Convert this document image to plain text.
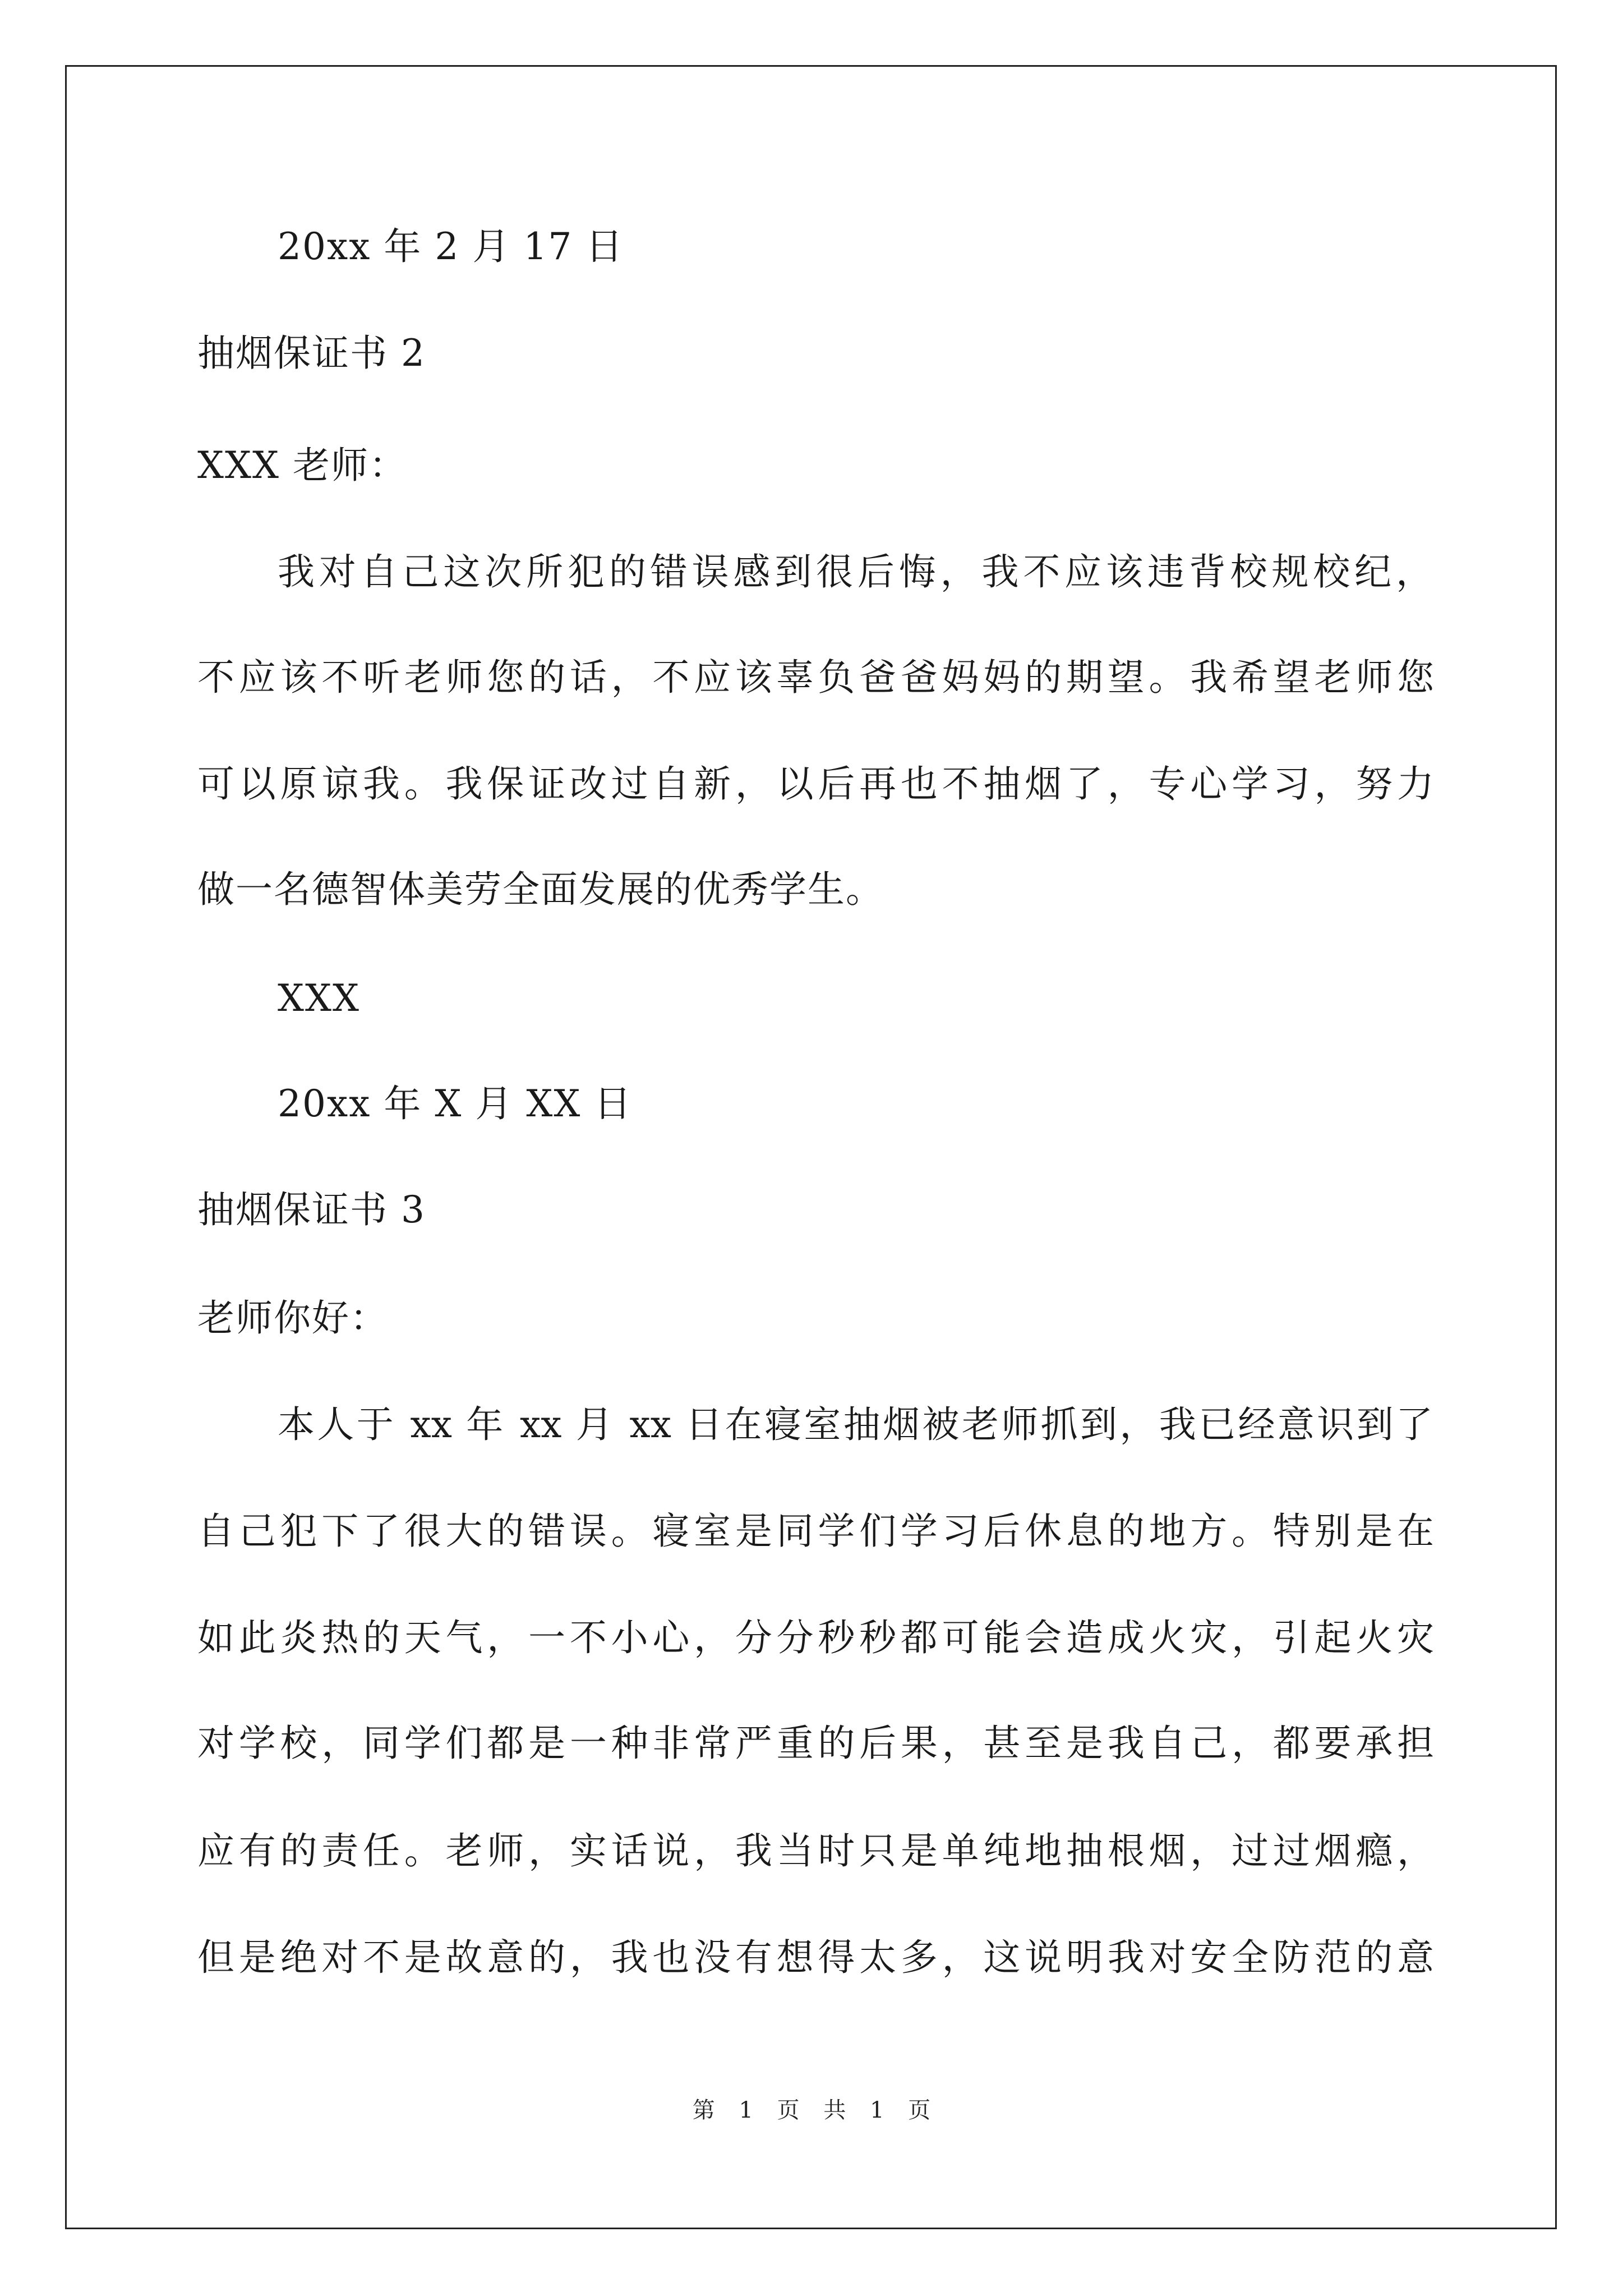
20xx 年 2 月 17 日
抽烟保证书 2
XXX 老师：
我对自己这次所犯的错误感到很后悔，我不应该违背校规校纪，
不应该不听老师您的话，不应该辜负爸爸妈妈的期望。我希望老师您
可以原谅我。我保证改过自新，以后再也不抽烟了，专心学习，努力
做一名德智体美劳全面发展的优秀学生。
XXX
20xx 年 X 月 XX 日
抽烟保证书 3
老师你好：
本人于 xx 年 xx 月 xx 日在寝室抽烟被老师抓到，我已经意识到了
自己犯下了很大的错误。寝室是同学们学习后休息的地方。特别是在
如此炎热的天气，一不小心，分分秒秒都可能会造成火灾，引起火灾
对学校，同学们都是一种非常严重的后果，甚至是我自己，都要承担
应有的责任。老师，实话说，我当时只是单纯地抽根烟，过过烟瘾，
但是绝对不是故意的，我也没有想得太多，这说明我对安全防范的意
第 1 页 共 1 页
